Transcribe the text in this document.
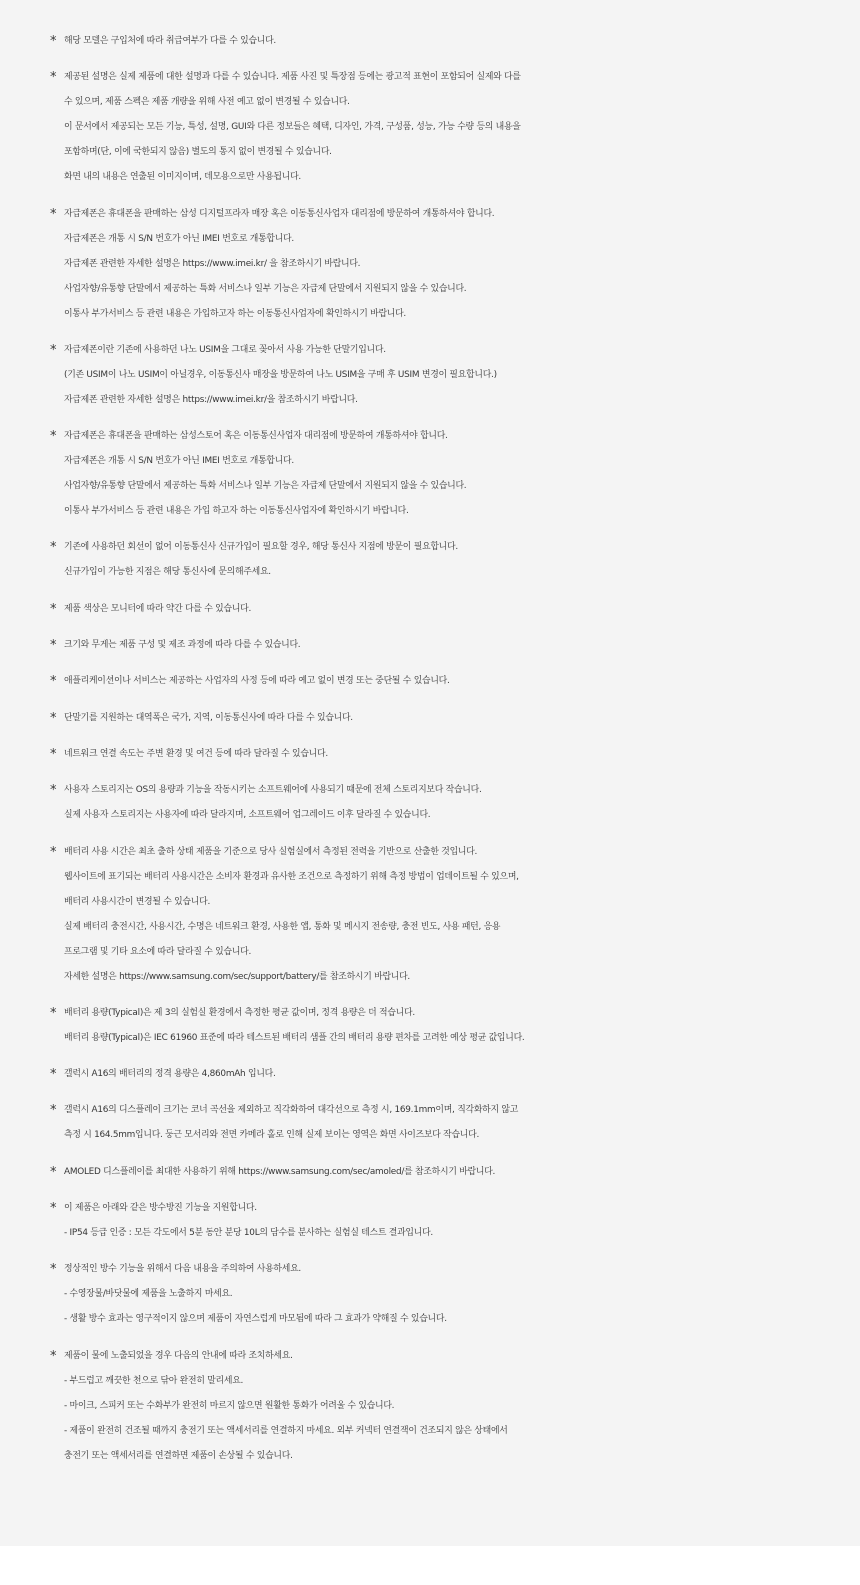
* 해당 모델은 구입처에 따라 취급여부가 다를 수 있습니다.
* 제공된 설명은 실제 제품에 대한 설명과 다를 수 있습니다. 제품 사진 및 특장점 등에는 광고적 표현이 포함되어 실제와 다를
수 있으며, 제품 스펙은 제품 개량을 위해 사전 예고 없이 변경될 수 있습니다.
이 문서에서 제공되는 모든 기능, 특성, 설명, GUI와 다른 정보들은 혜택, 디자인, 가격, 구성품, 성능, 가능 수량 등의 내용을
포함하며(단, 이에 국한되지 않음) 별도의 통지 없이 변경될 수 있습니다.
화면 내의 내용은 연출된 이미지이며, 데모용으로만 사용됩니다.
* 자급제폰은 휴대폰을 판매하는 삼성 디지털프라자 매장 혹은 이동통신사업자 대리점에 방문하여 개통하셔야 합니다.
자급제폰은 개통 시 S/N 번호가 아닌 IMEI 번호로 개통합니다.
자급제폰 관련한 자세한 설명은 https://www.imei.kr/ 을 참조하시기 바랍니다.
사업자향/유통향 단말에서 제공하는 특화 서비스나 일부 기능은 자급제 단말에서 지원되지 않을 수 있습니다.
이통사 부가서비스 등 관련 내용은 가입하고자 하는 이동통신사업자에 확인하시기 바랍니다.
* 자급제폰이란 기존에 사용하던 나노 USIM을 그대로 꽂아서 사용 가능한 단말기입니다.
(기존 USIM이 나노 USIM이 아닐경우, 이동통신사 매장을 방문하여 나노 USIM을 구매 후 USIM 변경이 필요합니다.)
자급제폰 관련한 자세한 설명은 https://www.imei.kr/을 참조하시기 바랍니다.
* 자급제폰은 휴대폰을 판매하는 삼성스토어 혹은 이동통신사업자 대리점에 방문하여 개통하셔야 합니다.
자급제폰은 개통 시 S/N 번호가 아닌 IMEI 번호로 개통합니다.
사업자향/유통향 단말에서 제공하는 특화 서비스나 일부 기능은 자급제 단말에서 지원되지 않을 수 있습니다.
이통사 부가서비스 등 관련 내용은 가입 하고자 하는 이동통신사업자에 확인하시기 바랍니다.
* 기존에 사용하던 회선이 없어 이동통신사 신규가입이 필요할 경우, 해당 통신사 지점에 방문이 필요합니다.
신규가입이 가능한 지점은 해당 통신사에 문의해주세요.
* 제품 색상은 모니터에 따라 약간 다를 수 있습니다.
* 크기와 무게는 제품 구성 및 제조 과정에 따라 다를 수 있습니다.
* 애플리케이션이나 서비스는 제공하는 사업자의 사정 등에 따라 예고 없이 변경 또는 중단될 수 있습니다.
* 단말기를 지원하는 대역폭은 국가, 지역, 이동통신사에 따라 다를 수 있습니다.
* 네트워크 연결 속도는 주변 환경 및 여건 등에 따라 달라질 수 있습니다.
* 사용자 스토리지는 OS의 용량과 기능을 작동시키는 소프트웨어에 사용되기 때문에 전체 스토리지보다 작습니다.
실제 사용자 스토리지는 사용자에 따라 달라지며, 소프트웨어 업그레이드 이후 달라질 수 있습니다.
* 배터리 사용 시간은 최초 출하 상태 제품을 기준으로 당사 실험실에서 측정된 전력을 기반으로 산출한 것입니다.
웹사이트에 표기되는 배터리 사용시간은 소비자 환경과 유사한 조건으로 측정하기 위해 측정 방법이 업데이트될 수 있으며,
배터리 사용시간이 변경될 수 있습니다.
실제 배터리 충전시간, 사용시간, 수명은 네트워크 환경, 사용한 앱, 통화 및 메시지 전송량, 충전 빈도, 사용 패턴, 응용
프로그램 및 기타 요소에 따라 달라질 수 있습니다.
자세한 설명은 https://www.samsung.com/sec/support/battery/를 참조하시기 바랍니다.
* 배터리 용량(Typical)은 제 3의 실험실 환경에서 측정한 평균 값이며, 정격 용량은 더 적습니다.
배터리 용량(Typical)은 IEC 61960 표준에 따라 테스트된 배터리 샘플 간의 배터리 용량 편차를 고려한 예상 평균 값입니다.
* 갤럭시 A16의 배터리의 정격 용량은 4,860mAh 입니다.
* 갤럭시 A16의 디스플레이 크기는 코너 곡선을 제외하고 직각화하여 대각선으로 측정 시, 169.1mm이며, 직각화하지 않고
측정 시 164.5mm입니다. 둥근 모서리와 전면 카메라 홀로 인해 실제 보이는 영역은 화면 사이즈보다 작습니다.
* AMOLED 디스플레이를 최대한 사용하기 위해 https://www.samsung.com/sec/amoled/를 참조하시기 바랍니다.
* 이 제품은 아래와 같은 방수방진 기능을 지원합니다.
- IP54 등급 인증 : 모든 각도에서 5분 동안 분당 10L의 담수를 분사하는 실험실 테스트 결과입니다.
* 정상적인 방수 기능을 위해서 다음 내용을 주의하여 사용하세요.
- 수영장물/바닷물에 제품을 노출하지 마세요.
- 생활 방수 효과는 영구적이지 않으며 제품이 자연스럽게 마모됨에 따라 그 효과가 약해질 수 있습니다.
* 제품이 물에 노출되었을 경우 다음의 안내에 따라 조치하세요.
- 부드럽고 깨끗한 천으로 닦아 완전히 말리세요.
- 마이크, 스피커 또는 수화부가 완전히 마르지 않으면 원활한 통화가 어려울 수 있습니다.
- 제품이 완전히 건조될 때까지 충전기 또는 액세서리를 연결하지 마세요. 외부 커넥터 연결잭이 건조되지 않은 상태에서
충전기 또는 액세서리를 연결하면 제품이 손상될 수 있습니다.
